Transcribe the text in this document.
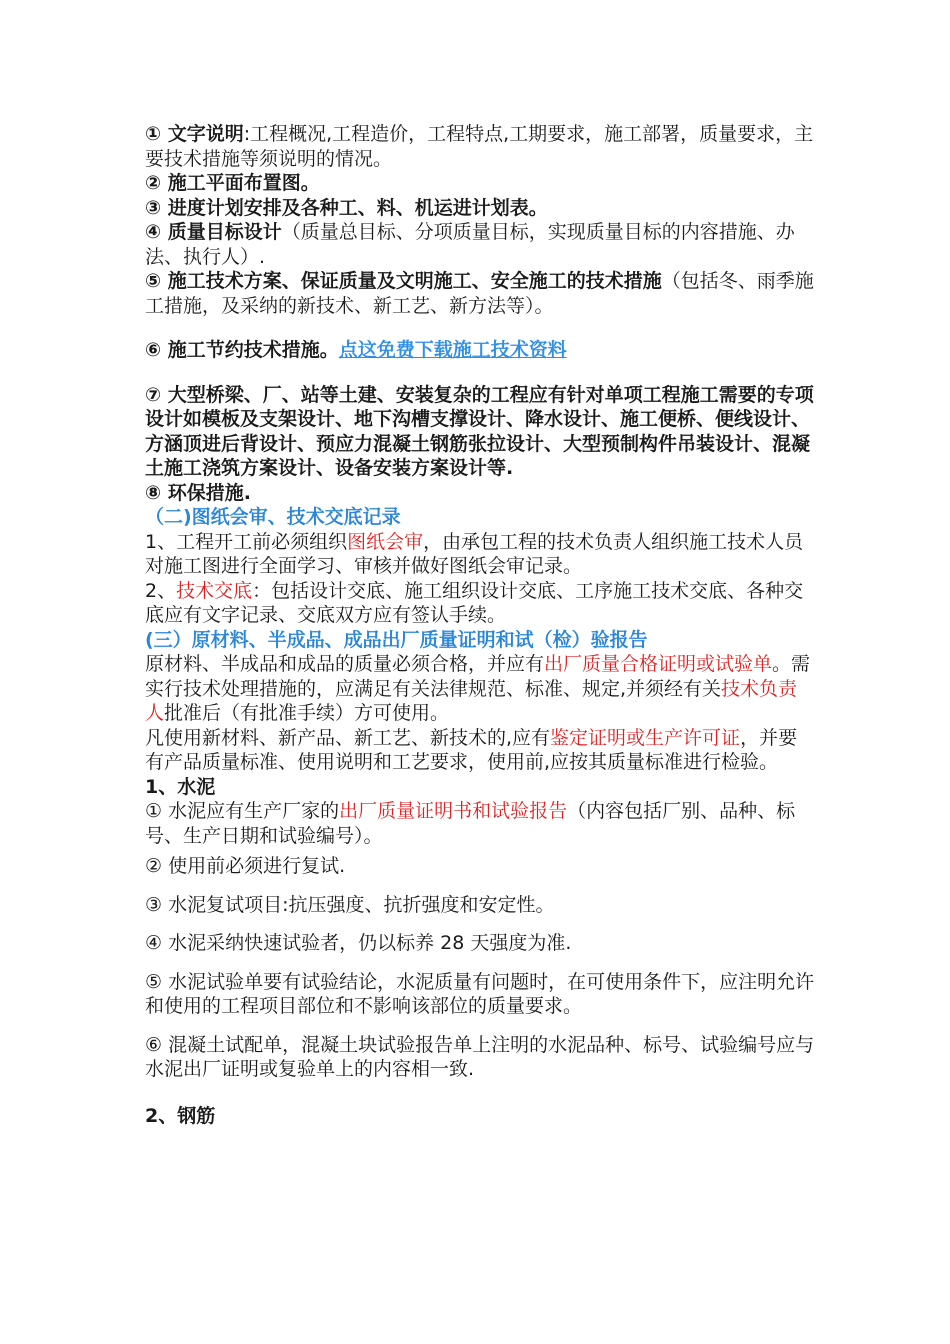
① 文字说明:工程概况,工程造价，工程特点,工期要求，施工部署，质量要求，主要技术措施等须说明的情况。

② 施工平面布置图。

③ 进度计划安排及各种工、料、机运进计划表。

④ 质量目标设计（质量总目标、分项质量目标，实现质量目标的内容措施、办法、执行人）.

⑤ 施工技术方案、保证质量及文明施工、安全施工的技术措施（包括冬、雨季施工措施，及采纳的新技术、新工艺、新方法等）。

⑥ 施工节约技术措施。点这免费下载施工技术资料

⑦ 大型桥梁、厂、站等土建、安装复杂的工程应有针对单项工程施工需要的专项设计如模板及支架设计、地下沟槽支撑设计、降水设计、施工便桥、便线设计、方涵顶进后背设计、预应力混凝土钢筋张拉设计、大型预制构件吊装设计、混凝土施工浇筑方案设计、设备安装方案设计等.

⑧ 环保措施.

（二)图纸会审、技术交底记录

1、工程开工前必须组织图纸会审，由承包工程的技术负责人组织施工技术人员对施工图进行全面学习、审核并做好图纸会审记录。

2、技术交底：包括设计交底、施工组织设计交底、工序施工技术交底、各种交底应有文字记录、交底双方应有签认手续。

(三）原材料、半成品、成品出厂质量证明和试（检）验报告

原材料、半成品和成品的质量必须合格，并应有出厂质量合格证明或试验单。需实行技术处理措施的，应满足有关法律规范、标准、规定,并须经有关技术负责人批准后（有批准手续）方可使用。

凡使用新材料、新产品、新工艺、新技术的,应有鉴定证明或生产许可证，并要有产品质量标准、使用说明和工艺要求，使用前,应按其质量标准进行检验。

1、水泥

① 水泥应有生产厂家的出厂质量证明书和试验报告（内容包括厂别、品种、标号、生产日期和试验编号）。

② 使用前必须进行复试.

③ 水泥复试项目:抗压强度、抗折强度和安定性。

④ 水泥采纳快速试验者，仍以标养 28 天强度为准.

⑤ 水泥试验单要有试验结论，水泥质量有问题时，在可使用条件下，应注明允许和使用的工程项目部位和不影响该部位的质量要求。

⑥ 混凝土试配单，混凝土块试验报告单上注明的水泥品种、标号、试验编号应与水泥出厂证明或复验单上的内容相一致.

2、钢筋
